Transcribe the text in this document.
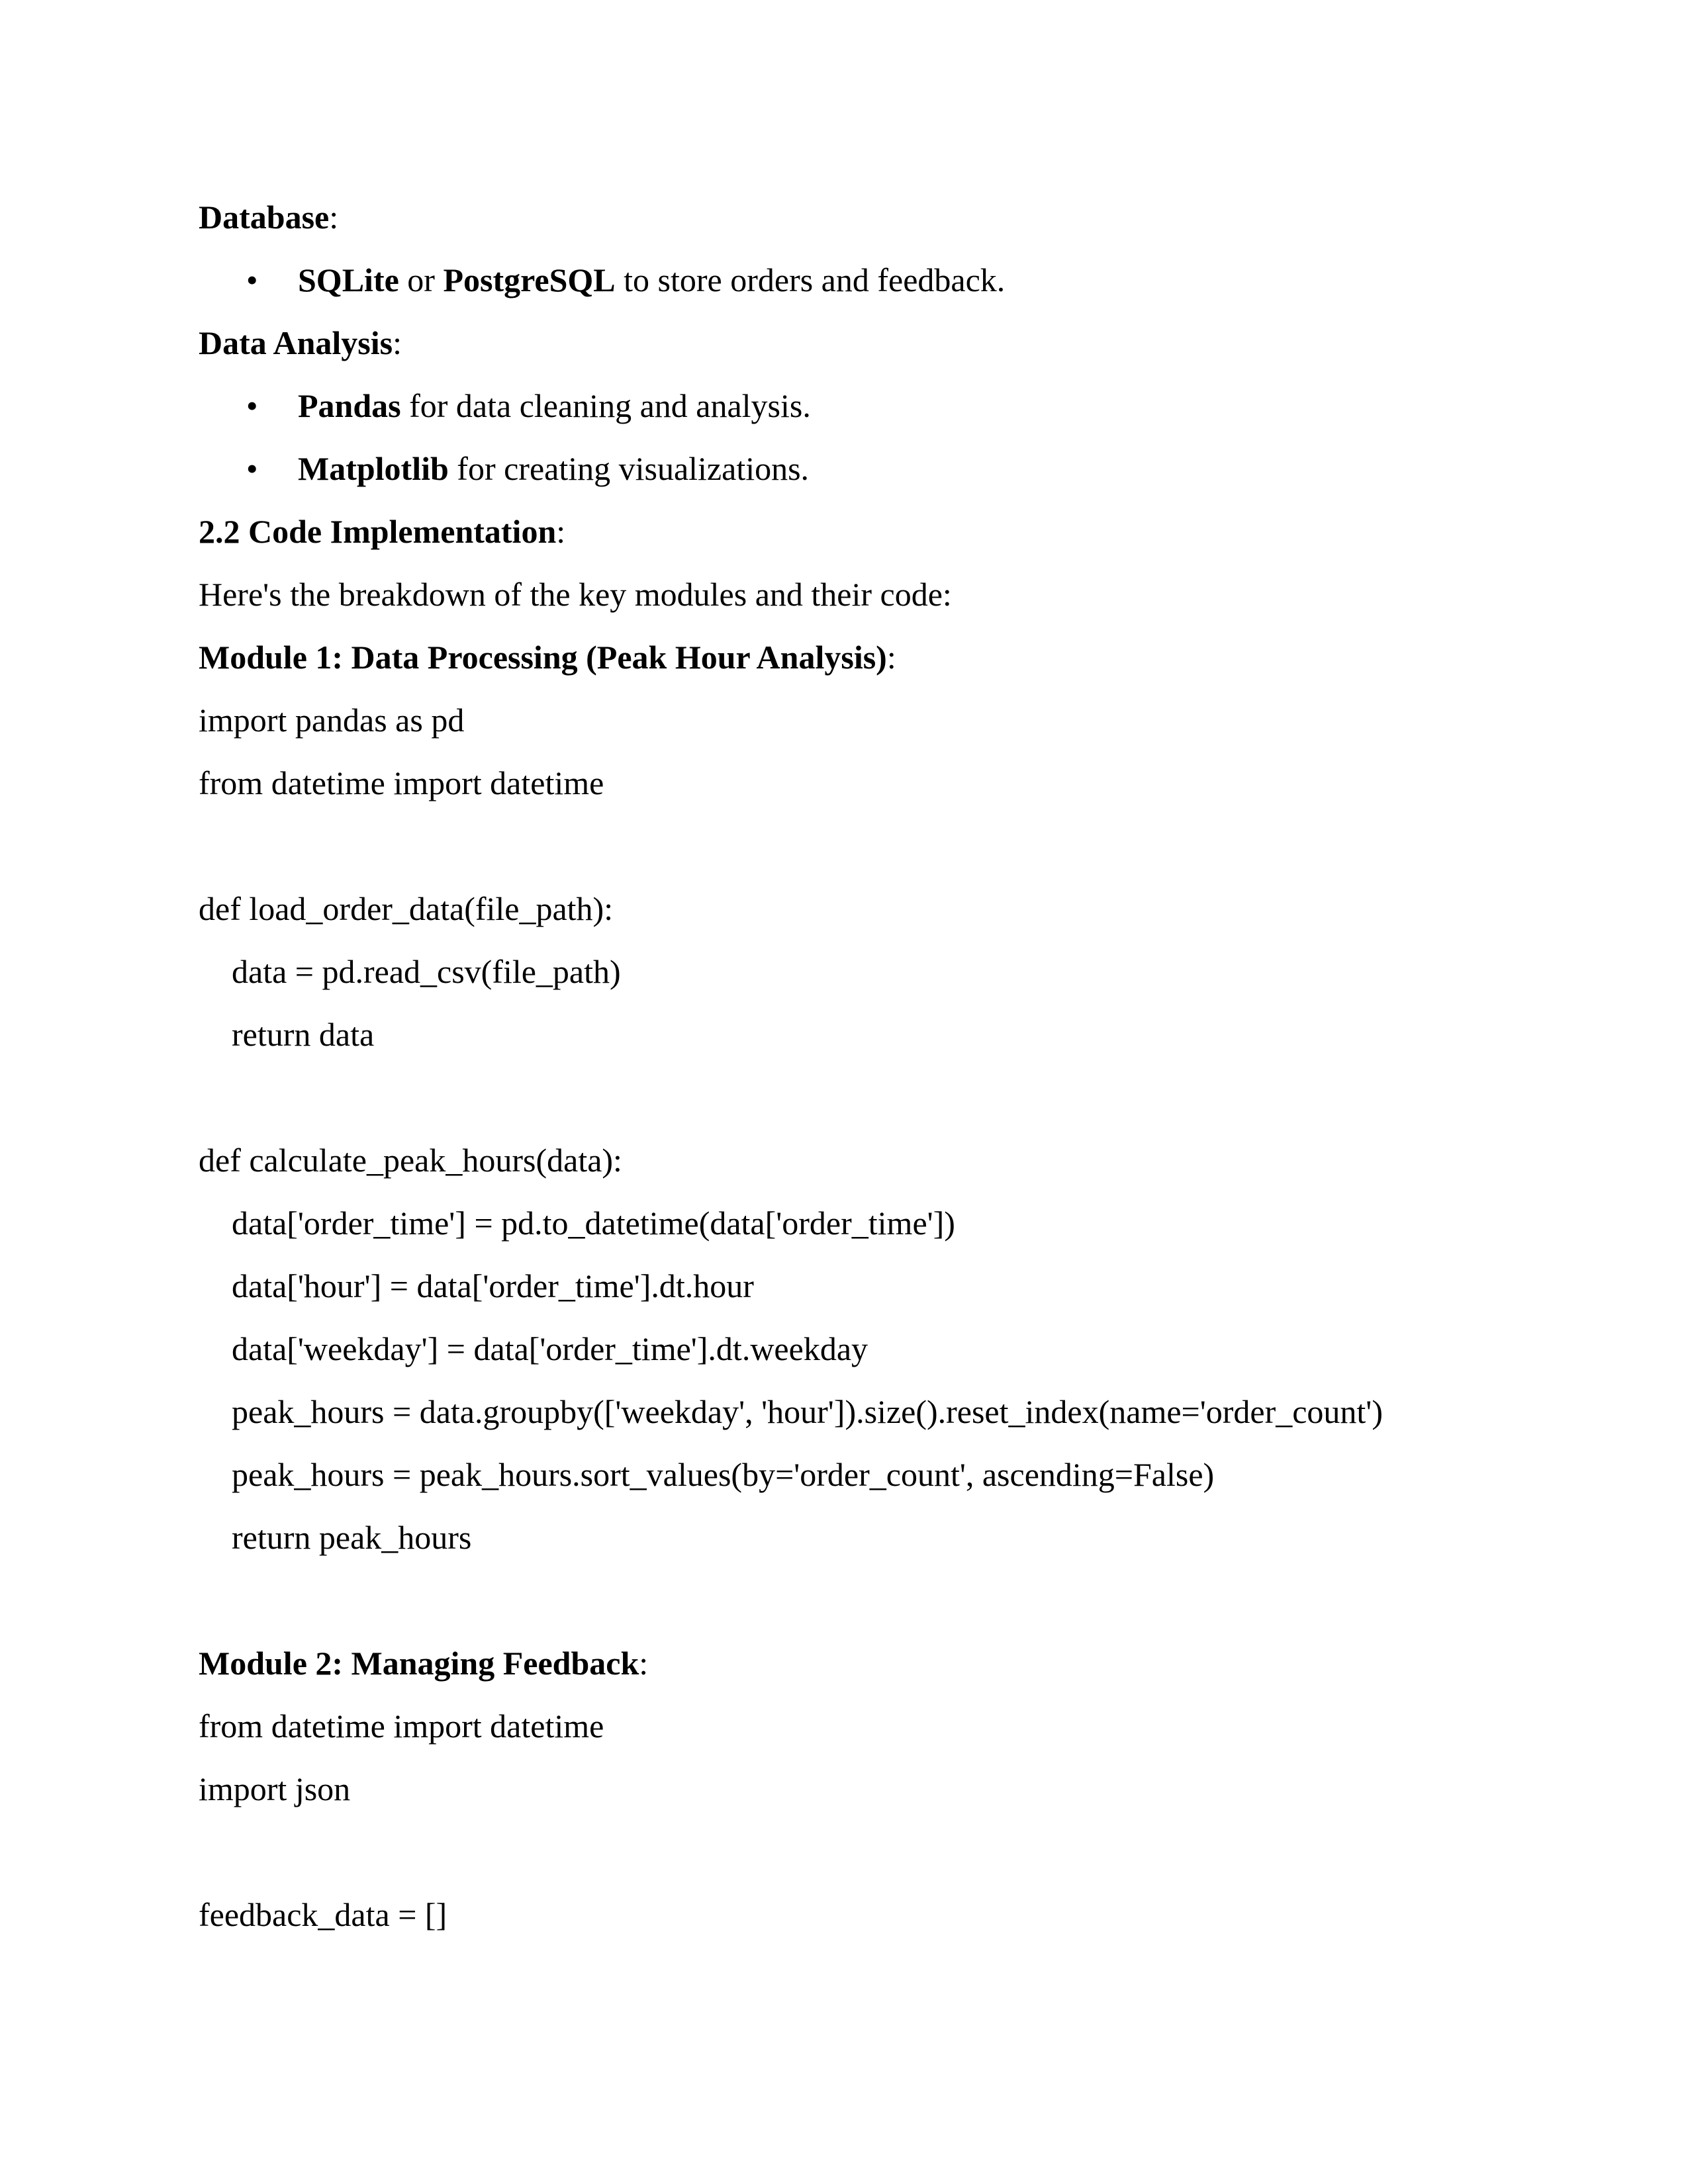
Database:
• SQLite or PostgreSQL to store orders and feedback.
Data Analysis:
• Pandas for data cleaning and analysis.
• Matplotlib for creating visualizations.
2.2 Code Implementation:
Here's the breakdown of the key modules and their code:
Module 1: Data Processing (Peak Hour Analysis):
import pandas as pd
from datetime import datetime
def load_order_data(file_path):
data = pd.read_csv(file_path)
return data
def calculate_peak_hours(data):
data['order_time'] = pd.to_datetime(data['order_time'])
data['hour'] = data['order_time'].dt.hour
data['weekday'] = data['order_time'].dt.weekday
peak_hours = data.groupby(['weekday', 'hour']).size().reset_index(name='order_count')
peak_hours = peak_hours.sort_values(by='order_count', ascending=False)
return peak_hours
Module 2: Managing Feedback:
from datetime import datetime
import json
feedback_data = []
